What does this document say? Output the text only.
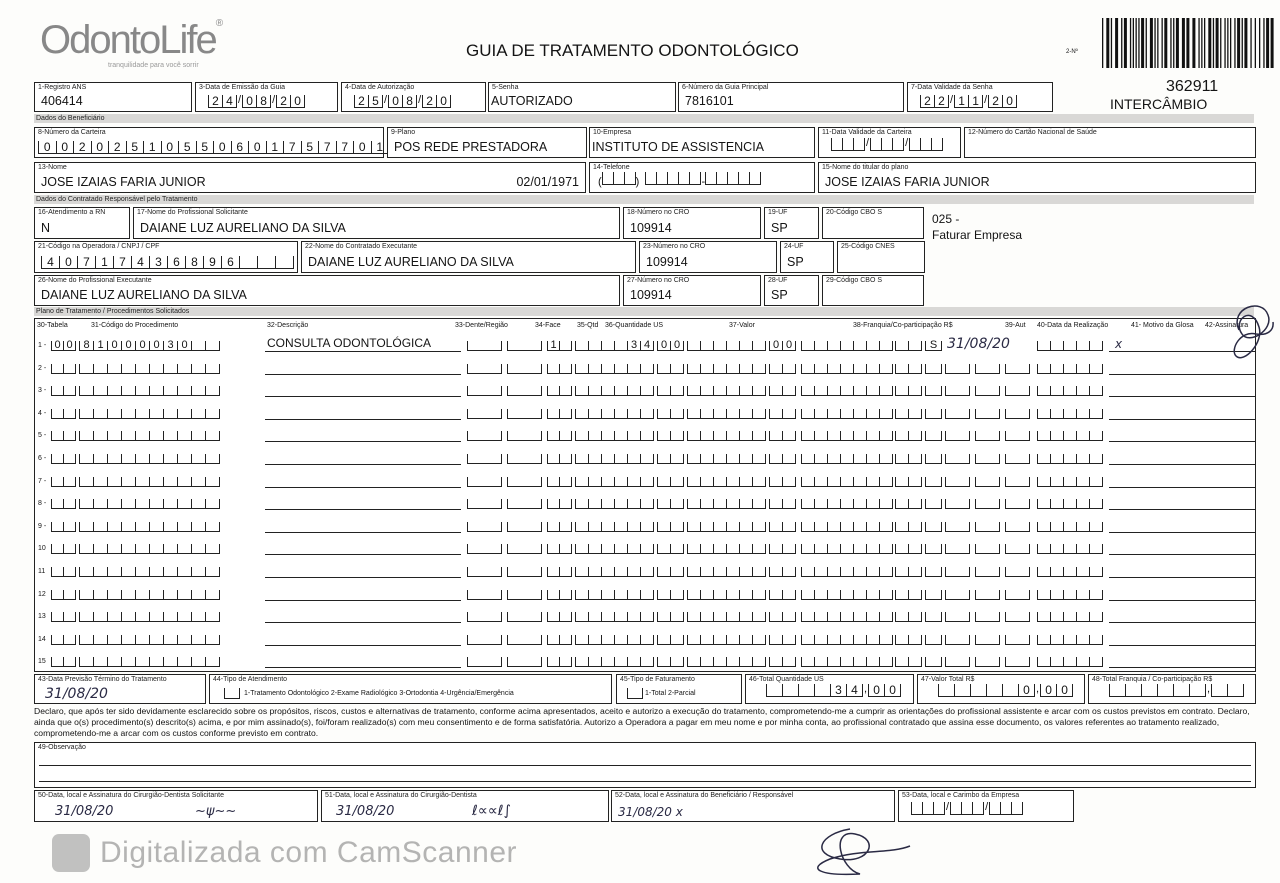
OdontoLife®
tranquilidade para você sorrir
GUIA DE TRATAMENTO ODONTOLÓGICO	2-Nº
362911
INTERCÂMBIO
1-Registro ANS
406414
3-Data de Emissão da Guia
2 4 / 0 8 / 2 0
4-Data de Autorização
2 5 / 0 8 / 2 0
5-Senha
AUTORIZADO
6-Número da Guia Principal
7816101
7-Data Validade da Senha
2 2 / 1 1 / 2 0
Dados do Beneficiário
8-Número da Carteira
0 0 2 0 2 5 1 0 5 5 0 6 0 1 7 5 7 7 0 1
9-Plano
POS REDE PRESTADORA
10-Empresa
INSTITUTO DE ASSISTENCIA
11-Data Validade da Carteira
/	/
12-Número do Cartão Nacional de Saúde
13-Nome
JOSE IZAIAS FARIA JUNIOR	02/01/1971
14-Telefone
(	)	-
15-Nome do titular do plano
JOSE IZAIAS FARIA JUNIOR
Dados do Contratado Responsável pelo Tratamento
16-Atendimento a RN
N
17-Nome do Profissional Solicitante
DAIANE LUZ AURELIANO DA SILVA
18-Número no CRO
109914
19-UF
SP
20-Código CBO S	025 -
Faturar Empresa
21-Código na Operadora / CNPJ / CPF
4 0 7 1 7 4 3 6 8 9 6
22-Nome do Contratado Executante
DAIANE LUZ AURELIANO DA SILVA
23-Número no CRO
109914
24-UF
SP
25-Código CNES
26-Nome do Profissional Executante
DAIANE LUZ AURELIANO DA SILVA
27-Número no CRO
109914
28-UF
SP
29-Código CBO S
Plano de Tratamento / Procedimentos Solicitados
30-Tabela	31-Código do Procedimento	32-Descrição	33-Dente/Região	34-Face 35-Qtd 36-Quantidade US	37-Valor	38-Franquia/Co-participação R$	39-Aut 40-Data da Realização	41- Motivo da Glosa 42-Assinatura
1 - 0 0 8 1 0 0 0 0 3 0	CONSULTA ODONTOLÓGICA	1	3 4 0 0	0 0	S 31/08/20	x
2 -
3 -
4 -
5 -
6 -
7 -
8 -
9 -
10
11
12
13
14
15
43-Data Previsão Término do Tratamento
31/08/20
44-Tipo de Atendimento
1-Tratamento Odontológico 2-Exame Radiológico 3-Ortodontia 4-Urgência/Emergência
45-Tipo de Faturamento
1-Total 2-Parcial
46-Total Quantidade US
3 4 , 0 0
47-Valor Total R$
0 , 0 0
48-Total Franquia / Co-participação R$
,
Declaro, que após ter sido devidamente esclarecido sobre os propósitos, riscos, custos e alternativas de tratamento, conforme acima apresentados, aceito e autorizo a execução do tratamento, comprometendo-me a cumprir as orientações do profissional assistente e arcar com os custos previstos em contrato. Declaro, ainda que o(s) procedimento(s) descrito(s) acima, e por mim assinado(s), foi/foram realizado(s) com meu consentimento e de forma satisfatória. Autorizo a Operadora a pagar em meu nome e por minha conta, ao profissional contratado que assina esse documento, os valores referentes ao tratamento realizado, comprometendo-me a arcar com os custos conforme previsto em contrato.
49-Observação
50-Data, local e Assinatura do Cirurgião-Dentista Solicitante
31/08/20	~ψ~~
51-Data, local e Assinatura do Cirurgião-Dentista
31/08/20	ℓ∝∝ℓ∫
52-Data, local e Assinatura do Beneficiário / Responsável
31/08/20 x
53-Data, local e Carimbo da Empresa
/	/
Digitalizada com CamScanner
